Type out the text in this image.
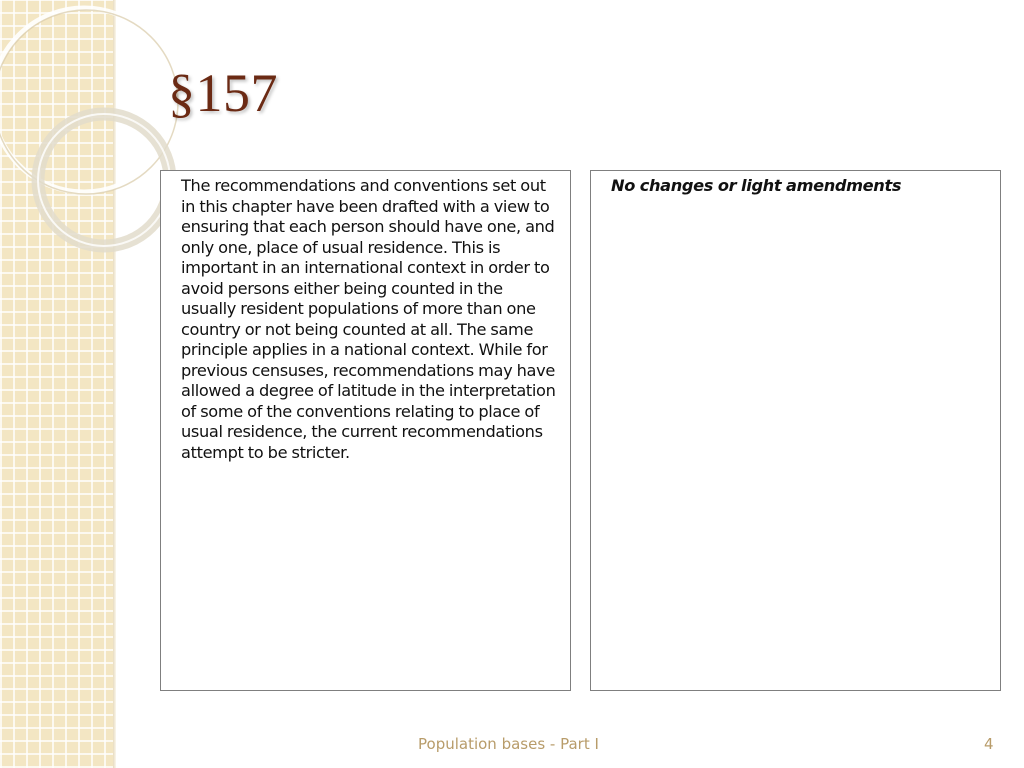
§157

The recommendations and conventions set out in this chapter have been drafted with a view to ensuring that each person should have one, and only one, place of usual residence. This is important in an international context in order to avoid persons either being counted in the usually resident populations of more than one country or not being counted at all. The same principle applies in a national context. While for previous censuses, recommendations may have allowed a degree of latitude in the interpretation of some of the conventions relating to place of usual residence, the current recommendations attempt to be stricter.

No changes or light amendments

Population bases - Part I	4
